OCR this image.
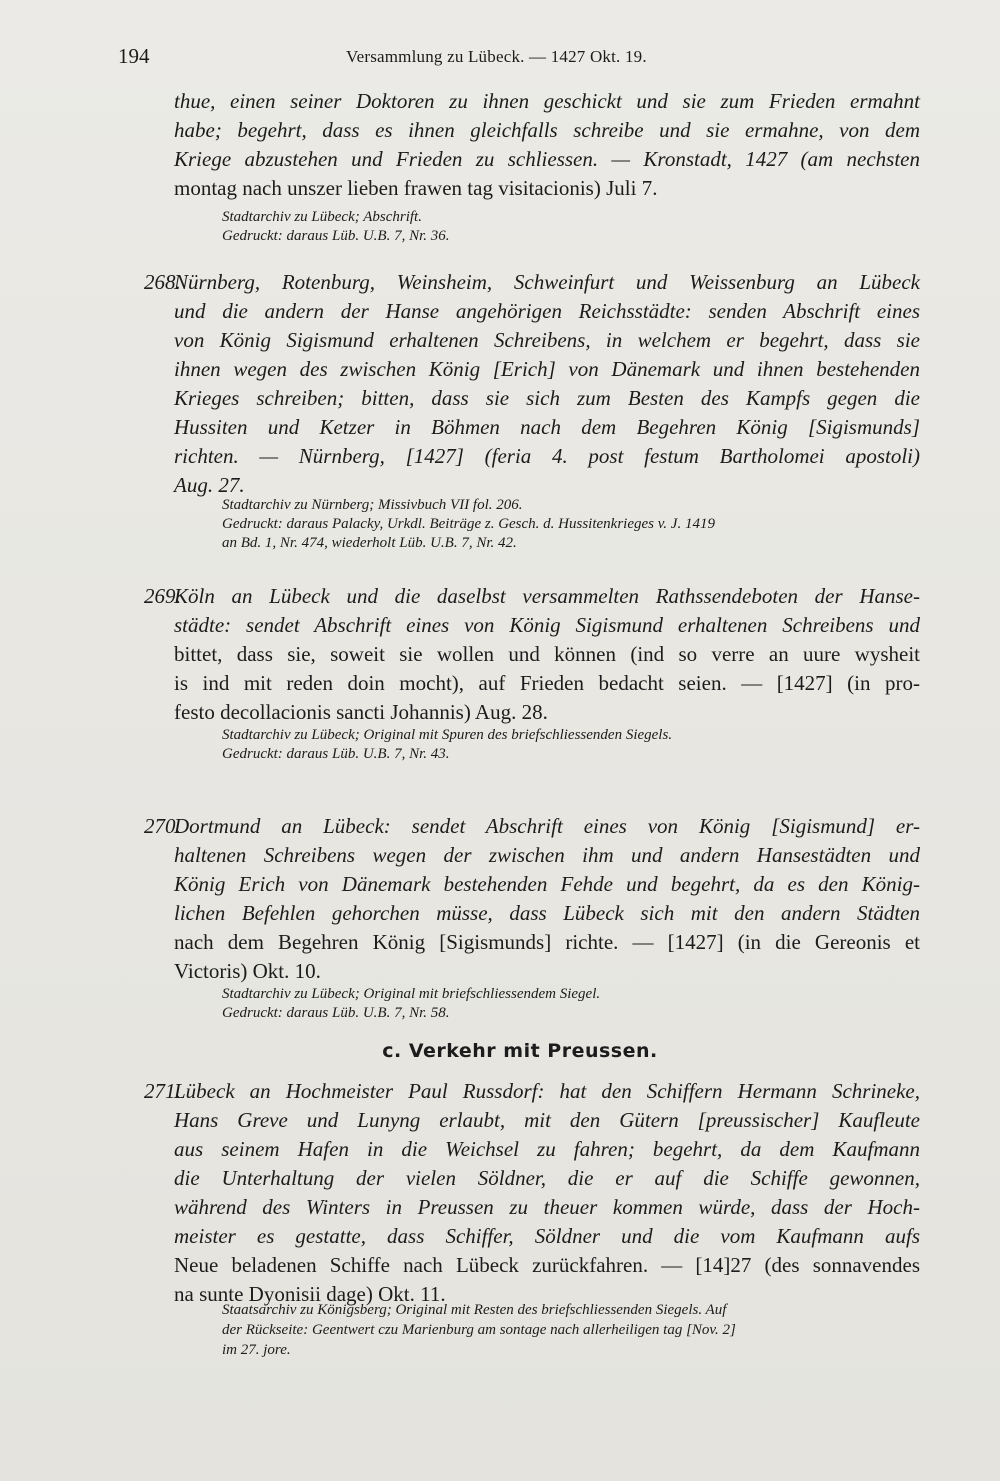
194	Versammlung zu Lübeck. — 1427 Okt. 19.
thue, einen seiner Doktoren zu ihnen geschickt und sie zum Frieden ermahnt
habe; begehrt, dass es ihnen gleichfalls schreibe und sie ermahne, von dem
Kriege abzustehen und Frieden zu schliessen. — Kronstadt, 1427 (am nechsten
montag nach unszer lieben frawen tag visitacionis) Juli 7.
Stadtarchiv zu Lübeck; Abschrift.
Gedruckt: daraus Lüb. U.B. 7, Nr. 36.
268.
Nürnberg, Rotenburg, Weinsheim, Schweinfurt und Weissenburg an Lübeck
und die andern der Hanse angehörigen Reichsstädte: senden Abschrift eines
von König Sigismund erhaltenen Schreibens, in welchem er begehrt, dass sie
ihnen wegen des zwischen König [Erich] von Dänemark und ihnen bestehenden
Krieges schreiben; bitten, dass sie sich zum Besten des Kampfs gegen die
Hussiten und Ketzer in Böhmen nach dem Begehren König [Sigismunds]
richten. — Nürnberg, [1427] (feria 4. post festum Bartholomei apostoli)
Aug. 27.
Stadtarchiv zu Nürnberg; Missivbuch VII fol. 206.
Gedruckt: daraus Palacky, Urkdl. Beiträge z. Gesch. d. Hussitenkrieges v. J. 1419
an Bd. 1, Nr. 474, wiederholt Lüb. U.B. 7, Nr. 42.
269.
Köln an Lübeck und die daselbst versammelten Rathssendeboten der Hanse-
städte: sendet Abschrift eines von König Sigismund erhaltenen Schreibens und
bittet, dass sie, soweit sie wollen und können (ind so verre an uure wysheit
is ind mit reden doin mocht), auf Frieden bedacht seien. — [1427] (in pro-
festo decollacionis sancti Johannis) Aug. 28.
Stadtarchiv zu Lübeck; Original mit Spuren des briefschliessenden Siegels.
Gedruckt: daraus Lüb. U.B. 7, Nr. 43.
270.
Dortmund an Lübeck: sendet Abschrift eines von König [Sigismund] er-
haltenen Schreibens wegen der zwischen ihm und andern Hansestädten und
König Erich von Dänemark bestehenden Fehde und begehrt, da es den König-
lichen Befehlen gehorchen müsse, dass Lübeck sich mit den andern Städten
nach dem Begehren König [Sigismunds] richte. — [1427] (in die Gereonis et
Victoris) Okt. 10.
Stadtarchiv zu Lübeck; Original mit briefschliessendem Siegel.
Gedruckt: daraus Lüb. U.B. 7, Nr. 58.
c. Verkehr mit Preussen.
271.
Lübeck an Hochmeister Paul Russdorf: hat den Schiffern Hermann Schrineke,
Hans Greve und Lunyng erlaubt, mit den Gütern [preussischer] Kaufleute
aus seinem Hafen in die Weichsel zu fahren; begehrt, da dem Kaufmann
die Unterhaltung der vielen Söldner, die er auf die Schiffe gewonnen,
während des Winters in Preussen zu theuer kommen würde, dass der Hoch-
meister es gestatte, dass Schiffer, Söldner und die vom Kaufmann aufs
Neue beladenen Schiffe nach Lübeck zurückfahren. — [14]27 (des sonnavendes
na sunte Dyonisii dage) Okt. 11.
Staatsarchiv zu Königsberg; Original mit Resten des briefschliessenden Siegels. Auf
der Rückseite: Geentwert czu Marienburg am sontage nach allerheiligen tag [Nov. 2]
im 27. jore.
